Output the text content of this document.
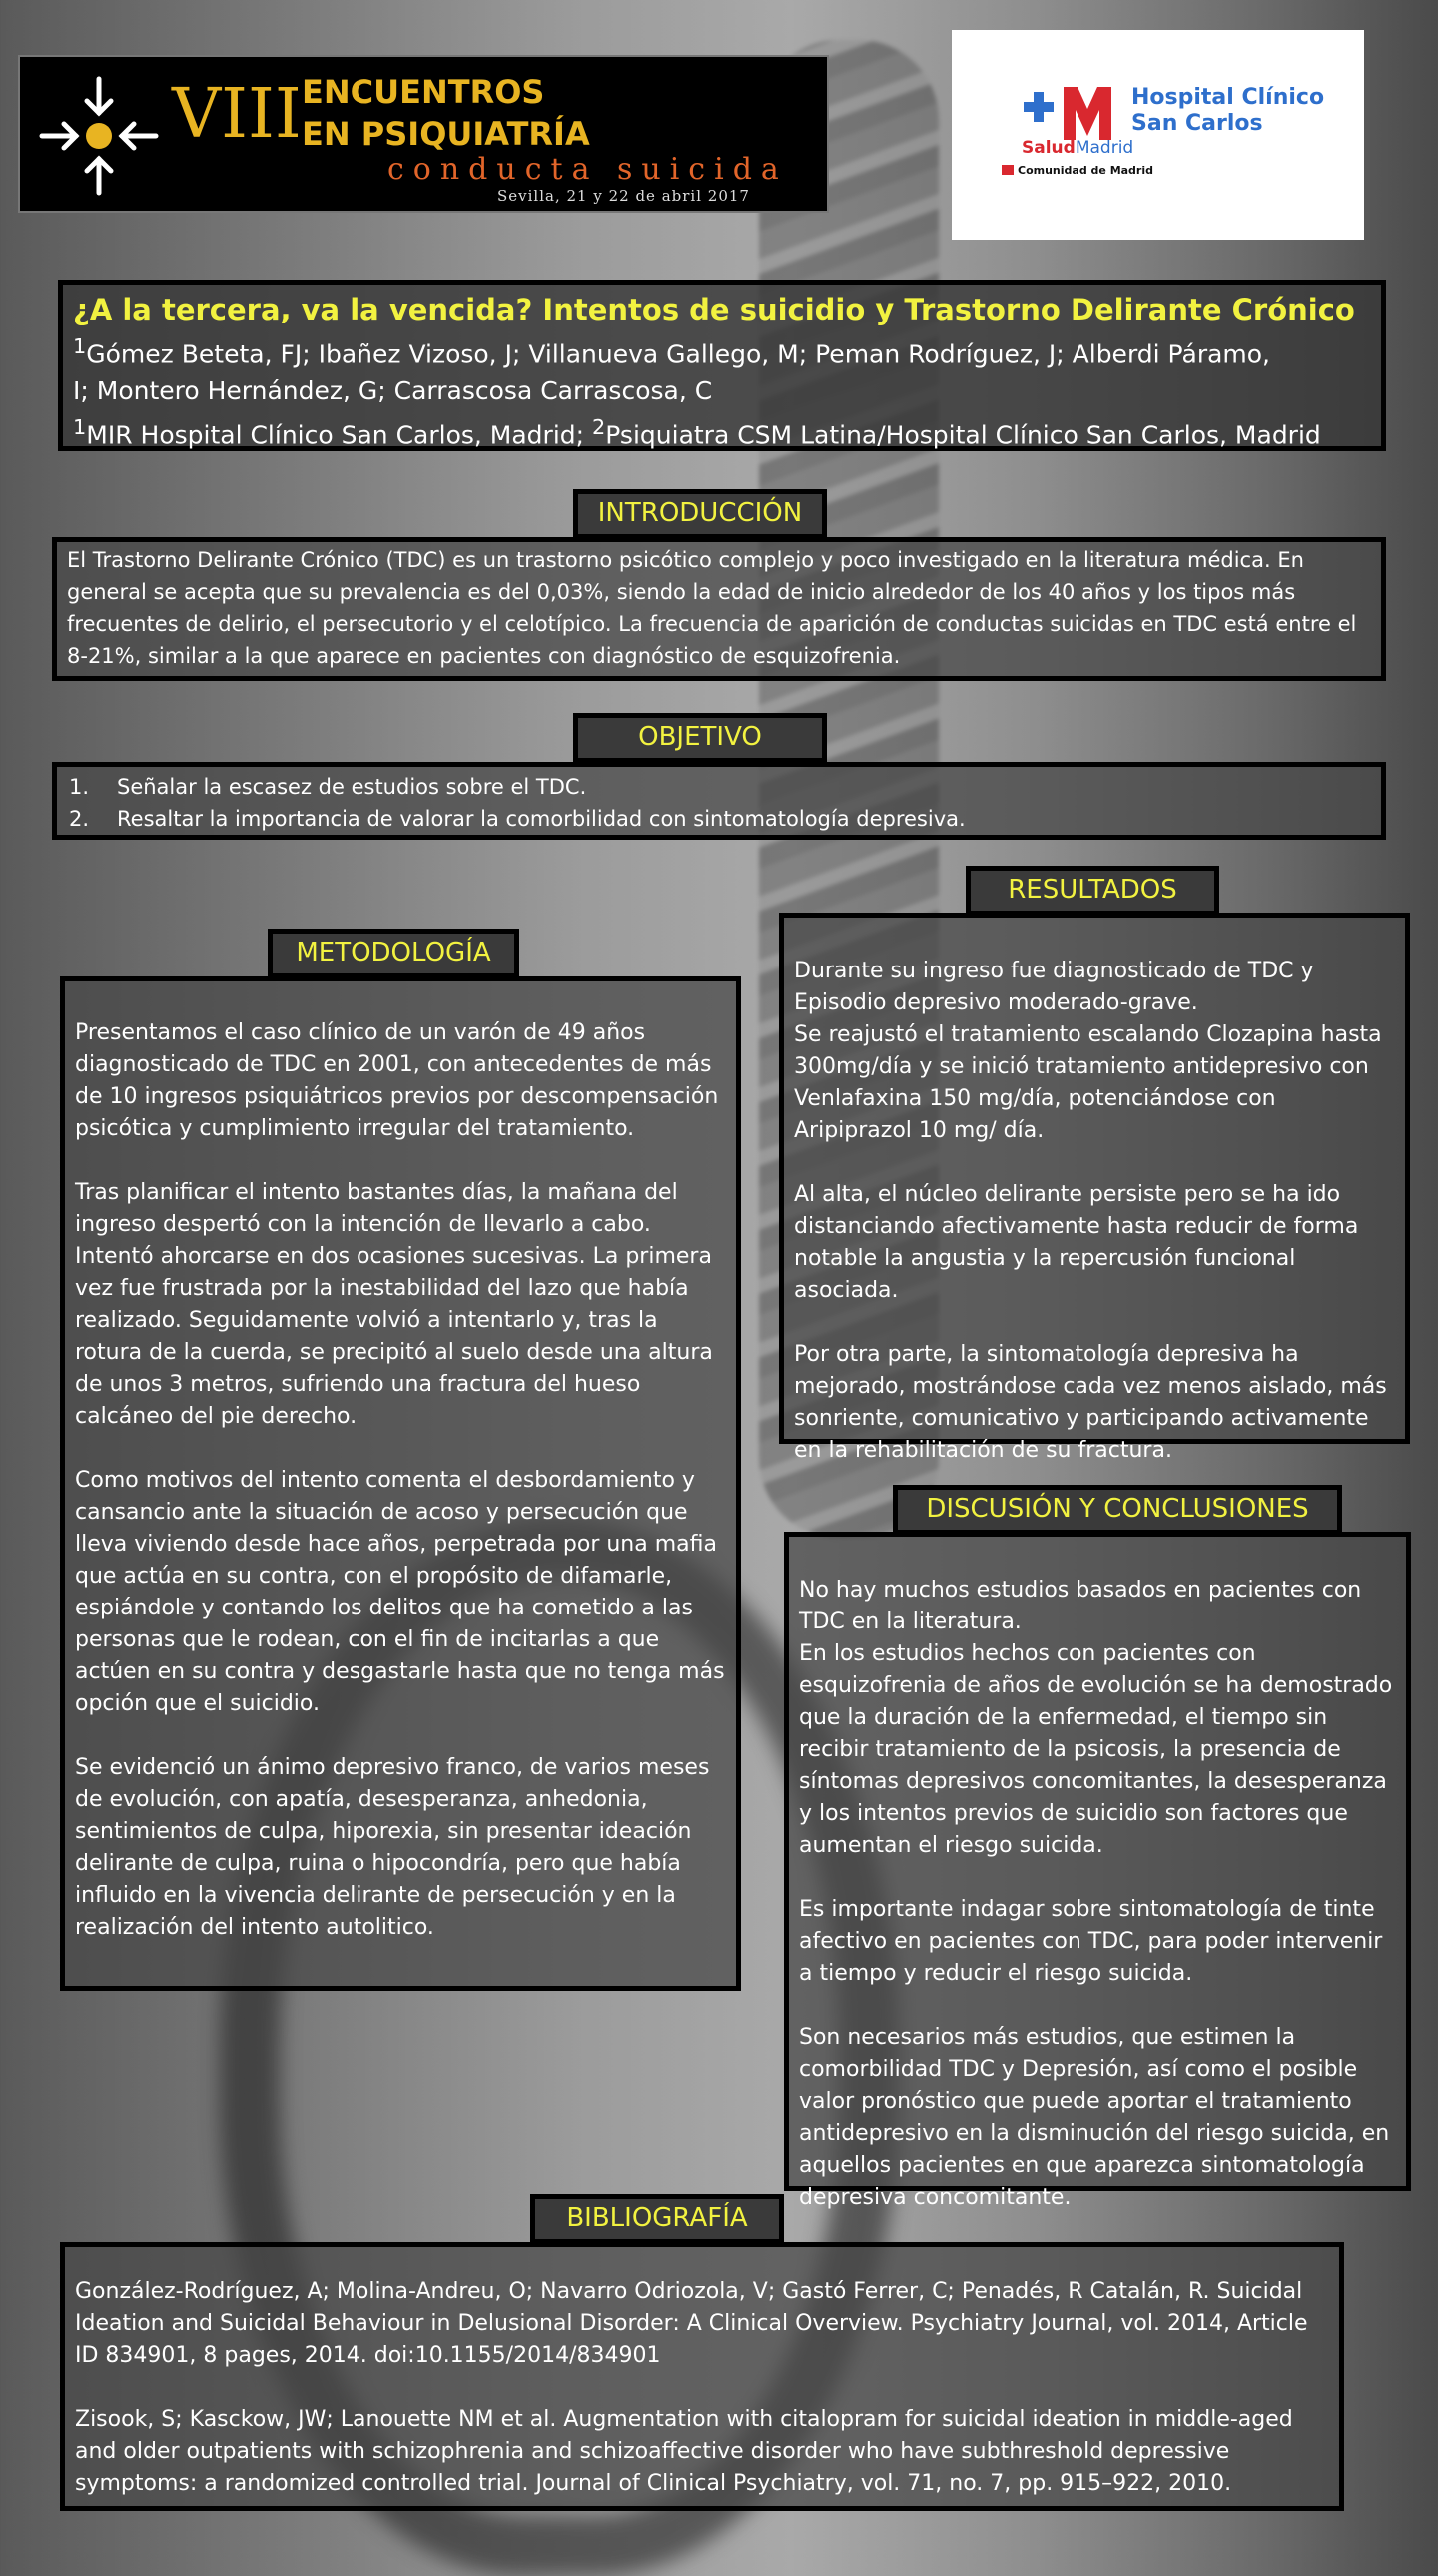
VIII ENCUENTROS
EN PSIQUIATRÍA
conducta suicida
Sevilla, 21 y 22 de abril 2017
Hospital Clínico
San Carlos
SaludMadrid
Comunidad de Madrid
¿A la tercera, va la vencida? Intentos de suicidio y Trastorno Delirante Crónico
$^1$Gómez Beteta, FJ; Ibañez Vizoso, J; Villanueva Gallego, M; Peman Rodríguez, J; Alberdi Páramo,
I; Montero Hernández, G; Carrascosa Carrascosa, C
$^1$MIR Hospital Clínico San Carlos, Madrid; $^2$Psiquiatra CSM Latina/Hospital Clínico San Carlos, Madrid
INTRODUCCIÓN

El Trastorno Delirante Crónico (TDC) es un trastorno psicótico complejo y poco investigado en la literatura médica. En general se acepta que su prevalencia es del 0,03%, siendo la edad de inicio alrededor de los 40 años y los tipos más frecuentes de delirio, el persecutorio y el celotípico. La frecuencia de aparición de conductas suicidas en TDC está entre el 8-21%, similar a la que aparece en pacientes con diagnóstico de esquizofrenia.

OBJETIVO
1. Señalar la escasez de estudios sobre el TDC.
2. Resaltar la importancia de valorar la comorbilidad con sintomatología depresiva.
METODOLOGÍA

Presentamos el caso clínico de un varón de 49 años diagnosticado de TDC en 2001, con antecedentes de más de 10 ingresos psiquiátricos previos por descompensación psicótica y cumplimiento irregular del tratamiento.

Tras planificar el intento bastantes días, la mañana del ingreso despertó con la intención de llevarlo a cabo. Intentó ahorcarse en dos ocasiones sucesivas. La primera vez fue frustrada por la inestabilidad del lazo que había realizado. Seguidamente volvió a intentarlo y, tras la rotura de la cuerda, se precipitó al suelo desde una altura de unos 3 metros, sufriendo una fractura del hueso calcáneo del pie derecho.

Como motivos del intento comenta el desbordamiento y cansancio ante la situación de acoso y persecución que lleva viviendo desde hace años, perpetrada por una mafia que actúa en su contra, con el propósito de difamarle, espiándole y contando los delitos que ha cometido a las personas que le rodean, con el fin de incitarlas a que actúen en su contra y desgastarle hasta que no tenga más opción que el suicidio.

Se evidenció un ánimo depresivo franco, de varios meses de evolución, con apatía, desesperanza, anhedonia, sentimientos de culpa, hiporexia, sin presentar ideación delirante de culpa, ruina o hipocondría, pero que había influido en la vivencia delirante de persecución y en la realización del intento autolitico.

RESULTADOS

Durante su ingreso fue diagnosticado de TDC y Episodio depresivo moderado-grave.
Se reajustó el tratamiento escalando Clozapina hasta 300mg/día y se inició tratamiento antidepresivo con Venlafaxina 150 mg/día, potenciándose con Aripiprazol 10 mg/ día.

Al alta, el núcleo delirante persiste pero se ha ido distanciando afectivamente hasta reducir de forma notable la angustia y la repercusión funcional asociada.

Por otra parte, la sintomatología depresiva ha mejorado, mostrándose cada vez menos aislado, más sonriente, comunicativo y participando activamente en la rehabilitación de su fractura.

DISCUSIÓN Y CONCLUSIONES

No hay muchos estudios basados en pacientes con TDC en la literatura.
En los estudios hechos con pacientes con esquizofrenia de años de evolución se ha demostrado que la duración de la enfermedad, el tiempo sin recibir tratamiento de la psicosis, la presencia de síntomas depresivos concomitantes, la desesperanza y los intentos previos de suicidio son factores que aumentan el riesgo suicida.

Es importante indagar sobre sintomatología de tinte afectivo en pacientes con TDC, para poder intervenir a tiempo y reducir el riesgo suicida.

Son necesarios más estudios, que estimen la comorbilidad TDC y Depresión, así como el posible valor pronóstico que puede aportar el tratamiento antidepresivo en la disminución del riesgo suicida, en aquellos pacientes en que aparezca sintomatología depresiva concomitante.

BIBLIOGRAFÍA

González-Rodríguez, A; Molina-Andreu, O; Navarro Odriozola, V; Gastó Ferrer, C; Penadés, R Catalán, R. Suicidal Ideation and Suicidal Behaviour in Delusional Disorder: A Clinical Overview. Psychiatry Journal, vol. 2014, Article ID 834901, 8 pages, 2014. doi:10.1155/2014/834901

Zisook, S; Kasckow, JW; Lanouette NM et al. Augmentation with citalopram for suicidal ideation in middle-aged and older outpatients with schizophrenia and schizoaffective disorder who have subthreshold depressive symptoms: a randomized controlled trial. Journal of Clinical Psychiatry, vol. 71, no. 7, pp. 915–922, 2010.
